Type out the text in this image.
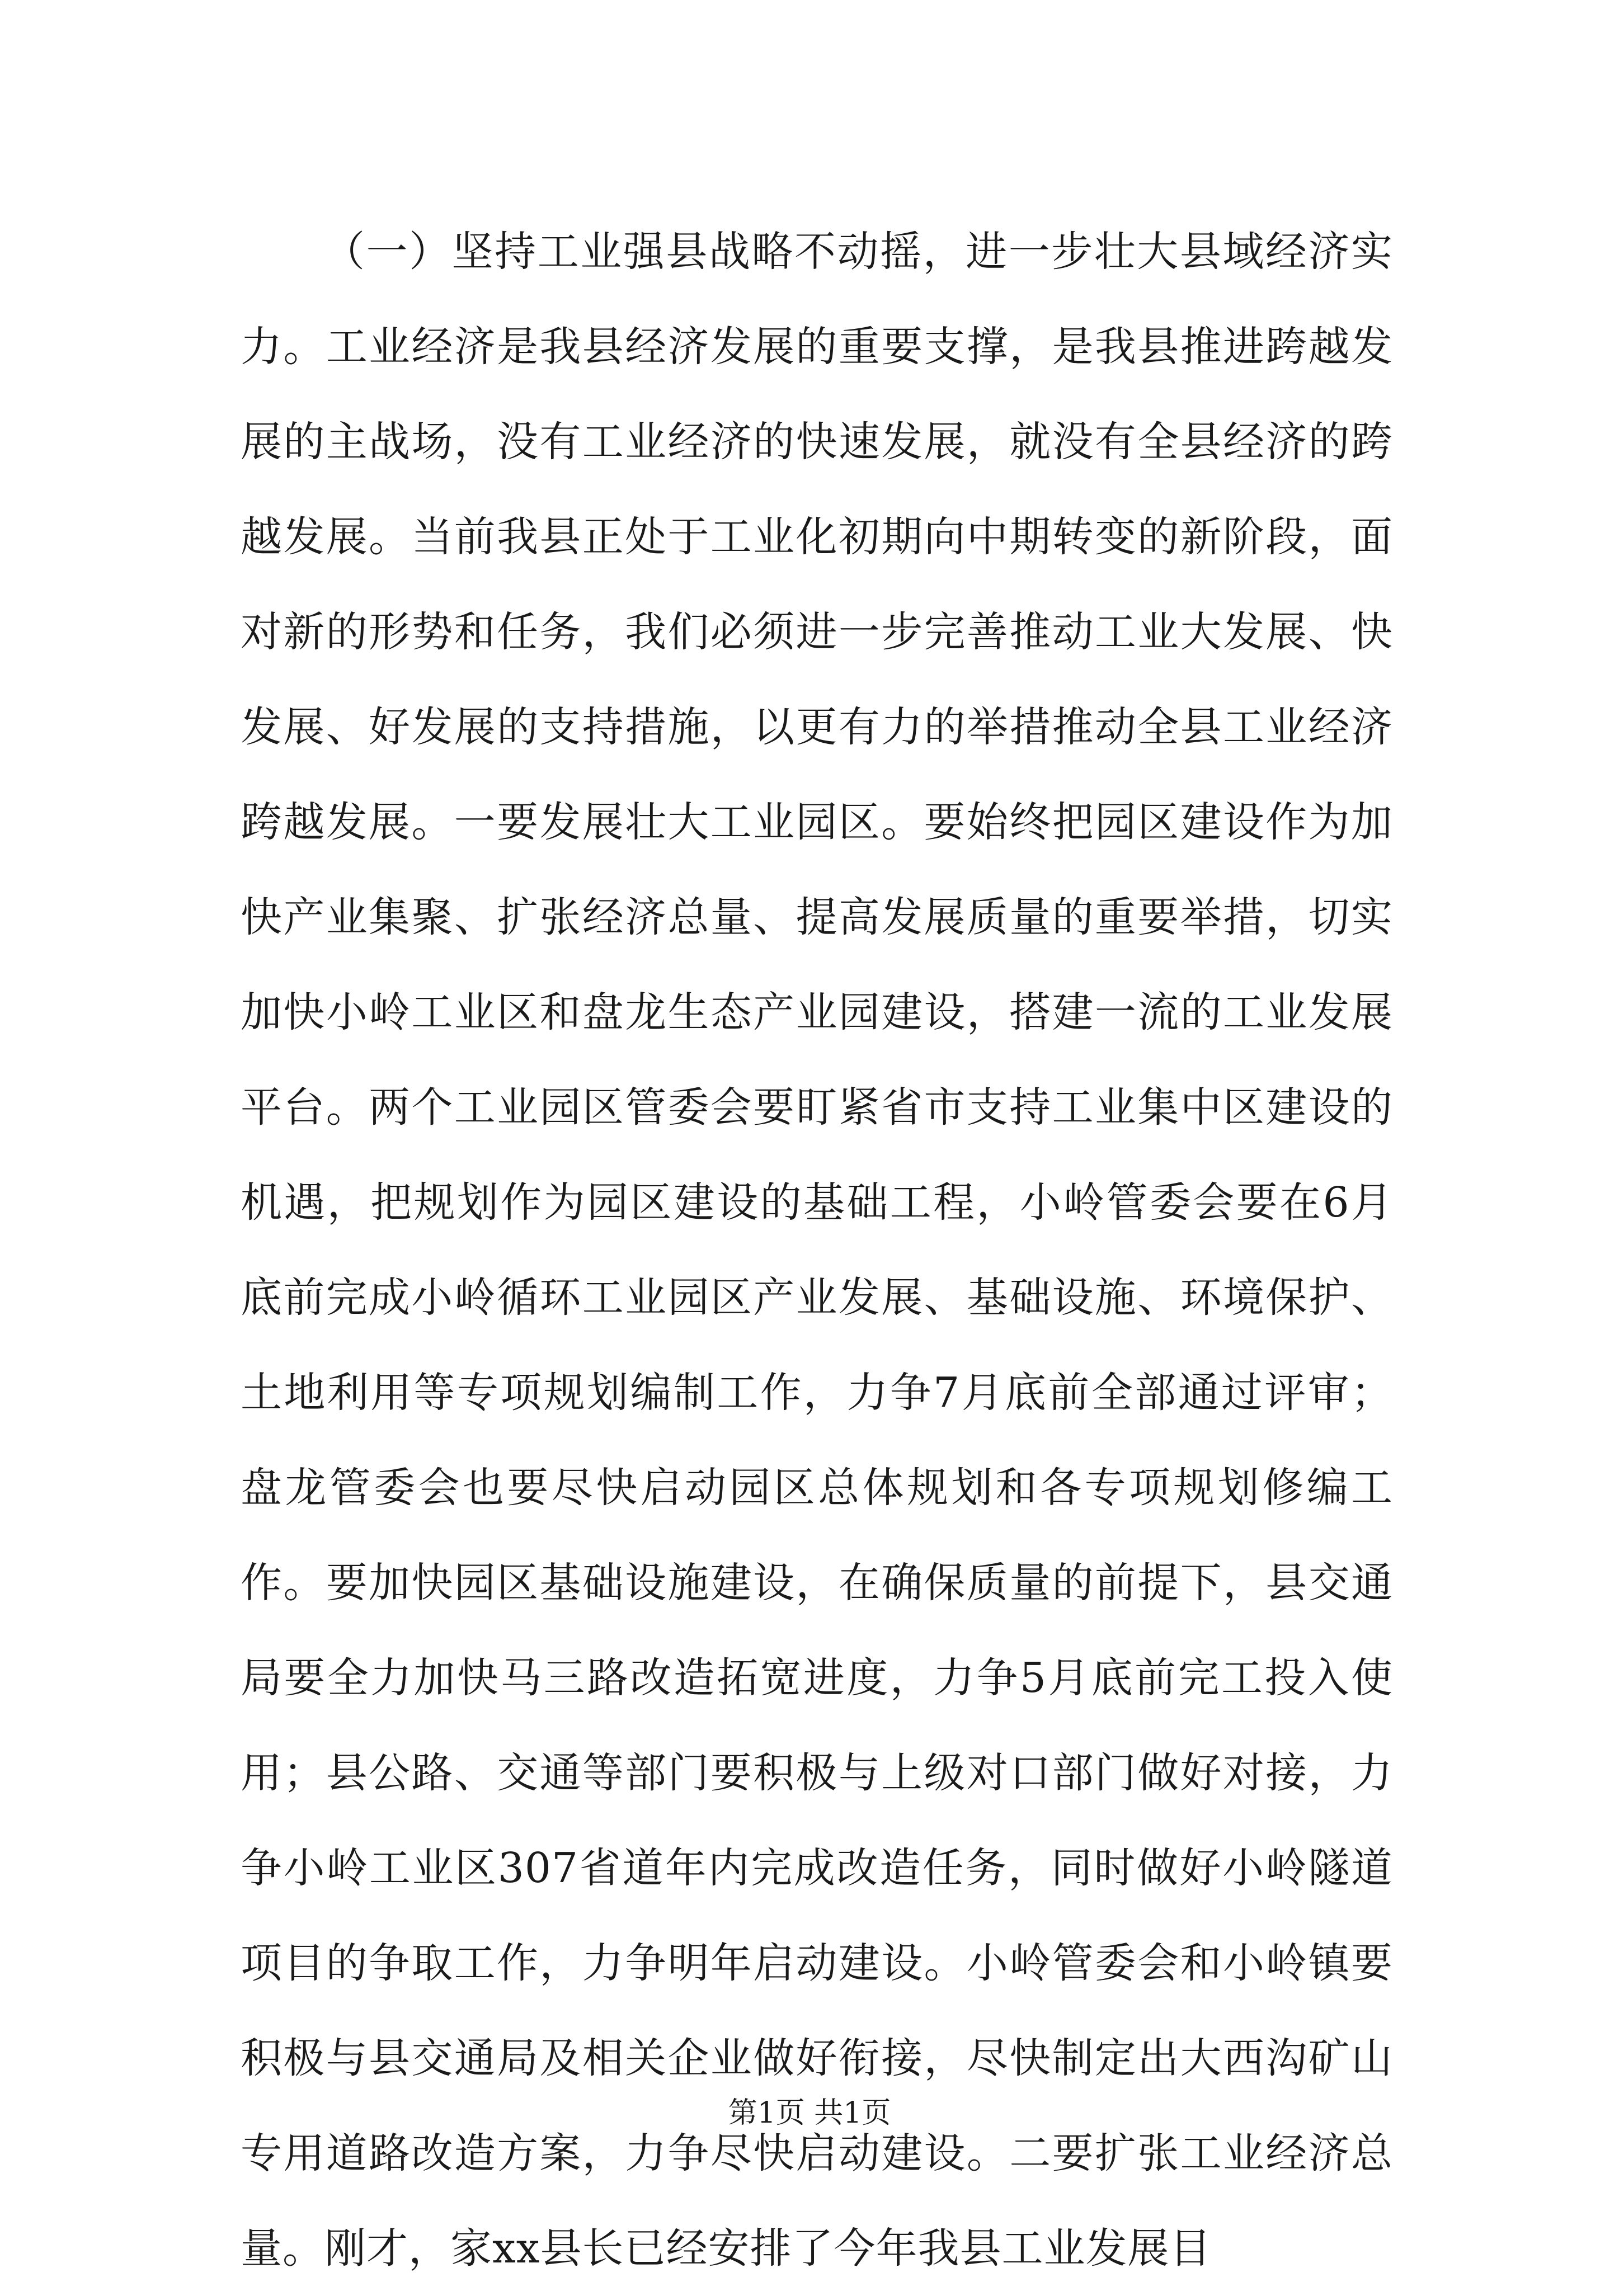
（一）坚持工业强县战略不动摇，进一步壮大县域经济实力。工业经济是我县经济发展的重要支撑，是我县推进跨越发展的主战场，没有工业经济的快速发展，就没有全县经济的跨越发展。当前我县正处于工业化初期向中期转变的新阶段，面对新的形势和任务，我们必须进一步完善推动工业大发展、快发展、好发展的支持措施，以更有力的举措推动全县工业经济跨越发展。一要发展壮大工业园区。要始终把园区建设作为加快产业集聚、扩张经济总量、提高发展质量的重要举措，切实加快小岭工业区和盘龙生态产业园建设，搭建一流的工业发展平台。两个工业园区管委会要盯紧省市支持工业集中区建设的机遇，把规划作为园区建设的基础工程，小岭管委会要在6月底前完成小岭循环工业园区产业发展、基础设施、环境保护、土地利用等专项规划编制工作，力争7月底前全部通过评审；盘龙管委会也要尽快启动园区总体规划和各专项规划修编工作。要加快园区基础设施建设，在确保质量的前提下，县交通局要全力加快马三路改造拓宽进度，力争5月底前完工投入使用；县公路、交通等部门要积极与上级对口部门做好对接，力争小岭工业区307省道年内完成改造任务，同时做好小岭隧道项目的争取工作，力争明年启动建设。小岭管委会和小岭镇要积极与县交通局及相关企业做好衔接，尽快制定出大西沟矿山专用道路改造方案，力争尽快启动建设。二要扩张工业经济总量。刚才，家xx县长已经安排了今年我县工业发展目

第1页 共1页
